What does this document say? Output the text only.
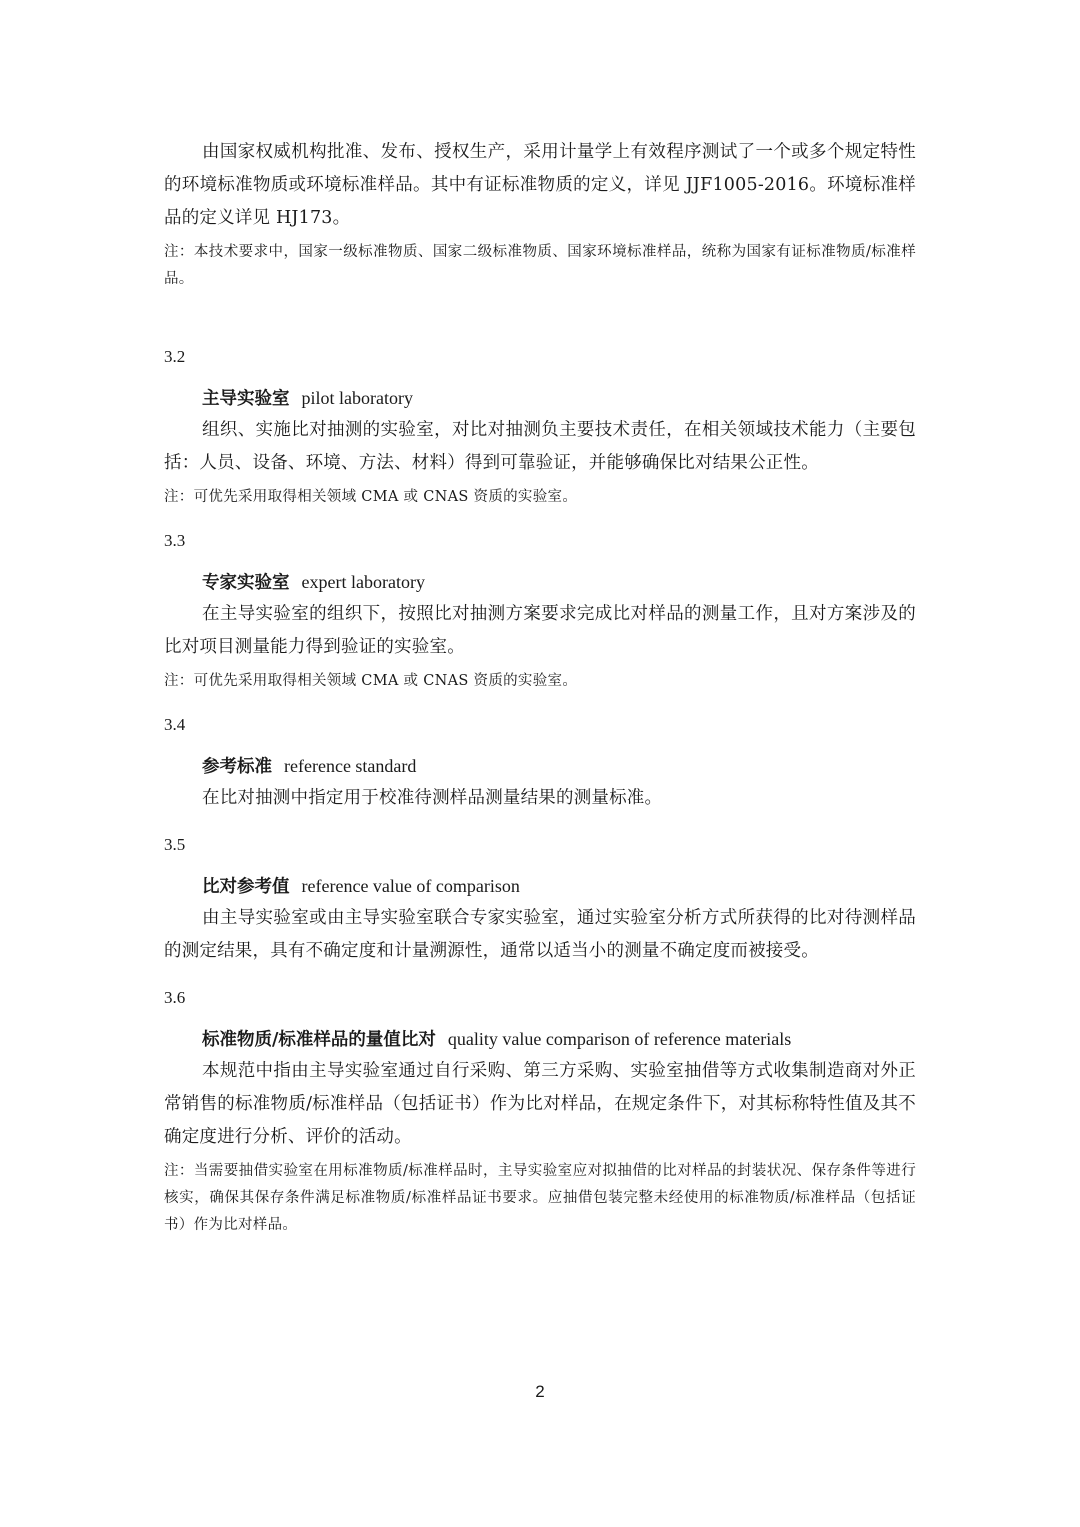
由国家权威机构批准、发布、授权生产，采用计量学上有效程序测试了一个或多个规定特性的环境标准物质或环境标准样品。其中有证标准物质的定义，详见 JJF1005-2016。环境标准样品的定义详见 HJ173。

注：本技术要求中，国家一级标准物质、国家二级标准物质、国家环境标准样品，统称为国家有证标准物质/标准样品。

3.2

主导实验室 pilot laboratory

组织、实施比对抽测的实验室，对比对抽测负主要技术责任，在相关领域技术能力（主要包括：人员、设备、环境、方法、材料）得到可靠验证，并能够确保比对结果公正性。

注：可优先采用取得相关领域 CMA 或 CNAS 资质的实验室。

3.3

专家实验室 expert laboratory

在主导实验室的组织下，按照比对抽测方案要求完成比对样品的测量工作，且对方案涉及的比对项目测量能力得到验证的实验室。

注：可优先采用取得相关领域 CMA 或 CNAS 资质的实验室。

3.4

参考标准 reference standard

在比对抽测中指定用于校准待测样品测量结果的测量标准。

3.5

比对参考值 reference value of comparison

由主导实验室或由主导实验室联合专家实验室，通过实验室分析方式所获得的比对待测样品的测定结果，具有不确定度和计量溯源性，通常以适当小的测量不确定度而被接受。

3.6

标准物质/标准样品的量值比对 quality value comparison of reference materials

本规范中指由主导实验室通过自行采购、第三方采购、实验室抽借等方式收集制造商对外正常销售的标准物质/标准样品（包括证书）作为比对样品，在规定条件下，对其标称特性值及其不确定度进行分析、评价的活动。

注：当需要抽借实验室在用标准物质/标准样品时，主导实验室应对拟抽借的比对样品的封装状况、保存条件等进行核实，确保其保存条件满足标准物质/标准样品证书要求。应抽借包装完整未经使用的标准物质/标准样品（包括证书）作为比对样品。

2
